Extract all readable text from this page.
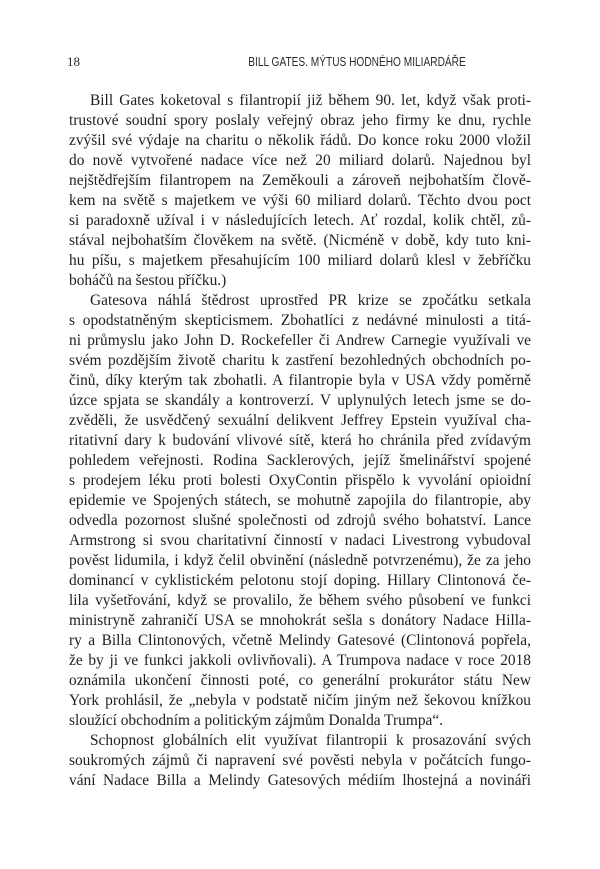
18	BILL GATES. MÝTUS HODNÉHO MILIARDÁŘE
Bill Gates koketoval s filantropií již během 90. let, když však proti-
trustové soudní spory poslaly veřejný obraz jeho firmy ke dnu, rychle
zvýšil své výdaje na charitu o několik řádů. Do konce roku 2000 vložil
do nově vytvořené nadace více než 20 miliard dolarů. Najednou byl
nejštědřejším filantropem na Zeměkouli a zároveň nejbohatším člově-
kem na světě s majetkem ve výši 60 miliard dolarů. Těchto dvou poct
si paradoxně užíval i v následujících letech. Ať rozdal, kolik chtěl, zů-
stával nejbohatším člověkem na světě. (Nicméně v době, kdy tuto kni-
hu píšu, s majetkem přesahujícím 100 miliard dolarů klesl v žebříčku
boháčů na šestou příčku.)
Gatesova náhlá štědrost uprostřed PR krize se zpočátku setkala
s opodstatněným skepticismem. Zbohatlíci z nedávné minulosti a titá-
ni průmyslu jako John D. Rockefeller či Andrew Carnegie využívali ve
svém pozdějším životě charitu k zastření bezohledných obchodních po-
činů, díky kterým tak zbohatli. A filantropie byla v USA vždy poměrně
úzce spjata se skandály a kontroverzí. V uplynulých letech jsme se do-
zvěděli, že usvědčený sexuální delikvent Jeffrey Epstein využíval cha-
ritativní dary k budování vlivové sítě, která ho chránila před zvídavým
pohledem veřejnosti. Rodina Sacklerových, jejíž šmelinářství spojené
s prodejem léku proti bolesti OxyContin přispělo k vyvolání opioidní
epidemie ve Spojených státech, se mohutně zapojila do filantropie, aby
odvedla pozornost slušné společnosti od zdrojů svého bohatství. Lance
Armstrong si svou charitativní činností v nadaci Livestrong vybudoval
pověst lidumila, i když čelil obvinění (následně potvrzenému), že za jeho
dominancí v cyklistickém pelotonu stojí doping. Hillary Clintonová če-
lila vyšetřování, když se provalilo, že během svého působení ve funkci
ministryně zahraničí USA se mnohokrát sešla s donátory Nadace Hilla-
ry a Billa Clintonových, včetně Melindy Gatesové (Clintonová popřela,
že by ji ve funkci jakkoli ovlivňovali). A Trumpova nadace v roce 2018
oznámila ukončení činnosti poté, co generální prokurátor státu New
York prohlásil, že „nebyla v podstatě ničím jiným než šekovou knížkou
sloužící obchodním a politickým zájmům Donalda Trumpa“.
Schopnost globálních elit využívat filantropii k prosazování svých
soukromých zájmů či napravení své pověsti nebyla v počátcích fungo-
vání Nadace Billa a Melindy Gatesových médiím lhostejná a novináři
